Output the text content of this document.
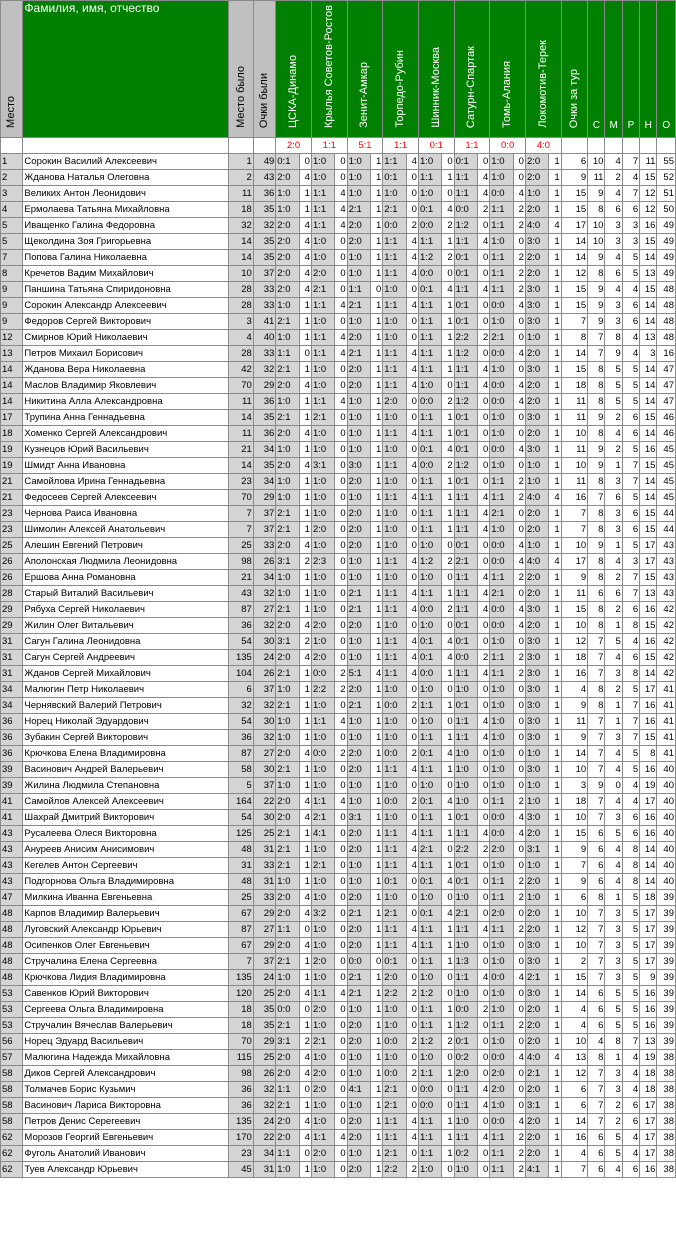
Место	Фамилия, имя, отчество	Место было	Очки были	ЦСКА-Динамо		Крылья Советов-Ростов		Зенит-Амкар		Торпедо-Рубин		Шинник-Москва		Сатурн-Спартак		Томь-Алания		Локомотив-Терек		Очки за тур	С	М	Р	Н	О
				2:0		1:1		5:1		1:1		0:1		1:1		0:0		4:0							
1	Сорокин Василий Алексеевич	1	49	0:1	0	1:0	0	1:0	1	1:1	4	1:0	0	0:1	0	1:0	0	2:0	1	6	10	4	7	11	55
2	Жданова Наталья Олеговна	2	43	2:0	4	1:0	0	1:0	1	0:1	0	1:1	1	1:1	4	1:0	0	2:0	1	9	11	2	4	15	52
3	Великих Антон Леонидович	11	36	1:0	1	1:1	4	1:0	1	1:0	0	1:0	0	1:1	4	0:0	4	1:0	1	15	9	4	7	12	51
4	Ермолаева Татьяна Михайловна	18	35	1:0	1	1:1	4	2:1	1	2:1	0	0:1	4	0:0	2	1:1	2	2:0	1	15	8	6	6	12	50
5	Иващенко Галина Федоровна	32	32	2:0	4	1:1	4	2:0	1	0:0	2	0:0	2	1:2	0	1:1	2	4:0	4	17	10	3	3	16	49
5	Щеколдина Зоя Григорьевна	14	35	2:0	4	1:0	0	2:0	1	1:1	4	1:1	1	1:1	4	1:0	0	3:0	1	14	10	3	3	15	49
7	Попова Галина Николаевна	14	35	2:0	4	1:0	0	1:0	1	1:1	4	1:2	2	0:1	0	1:1	2	2:0	1	14	9	4	5	14	49
8	Кречетов Вадим Михайлович	10	37	2:0	4	2:0	0	1:0	1	1:1	4	0:0	0	0:1	0	1:1	2	2:0	1	12	8	6	5	13	49
9	Паншина Татьяна Спиридоновна	28	33	2:0	4	2:1	0	1:1	0	1:0	0	0:1	4	1:1	4	1:1	2	3:0	1	15	9	4	4	15	48
9	Сорокин Александр Алексеевич	28	33	1:0	1	1:1	4	2:1	1	1:1	4	1:1	1	0:1	0	0:0	4	3:0	1	15	9	3	6	14	48
9	Федоров Сергей Викторович	3	41	2:1	1	1:0	0	1:0	1	1:0	0	1:1	1	0:1	0	1:0	0	3:0	1	7	9	3	6	14	48
12	Смирнов Юрий Николаевич	4	40	1:0	1	1:1	4	2:0	1	1:0	0	1:1	1	2:2	2	2:1	0	1:0	1	8	7	8	4	13	48
13	Петров Михаил Борисович	28	33	1:1	0	1:1	4	2:1	1	1:1	4	1:1	1	1:2	0	0:0	4	2:0	1	14	7	9	4	3	16
14	Жданова Вера Николаевна	42	32	2:1	1	1:0	0	2:0	1	1:1	4	1:1	1	1:1	4	1:0	0	3:0	1	15	8	5	5	14	47
14	Маслов Владимир Яковлевич	70	29	2:0	4	1:0	0	2:0	1	1:1	4	1:0	0	1:1	4	0:0	4	2:0	1	18	8	5	5	14	47
14	Никитина Алла Александровна	11	36	1:0	1	1:1	4	1:0	1	2:0	0	0:0	2	1:2	0	0:0	4	2:0	1	11	8	5	5	14	47
17	Трупина Анна Геннадьевна	14	35	2:1	1	2:1	0	1:0	1	1:0	0	1:1	1	0:1	0	1:0	0	3:0	1	11	9	2	6	15	46
18	Хоменко Сергей Александрович	11	36	2:0	4	1:0	0	1:0	1	1:1	4	1:1	1	0:1	0	1:0	0	2:0	1	10	8	4	6	14	46
19	Кузнецов Юрий Васильевич	21	34	1:0	1	1:0	0	1:0	1	1:0	0	0:1	4	0:1	0	0:0	4	3:0	1	11	9	2	5	16	45
19	Шмидт Анна Ивановна	14	35	2:0	4	3:1	0	3:0	1	1:1	4	0:0	2	1:2	0	1:0	0	1:0	1	10	9	1	7	15	45
21	Самойлова Ирина Геннадьевна	23	34	1:0	1	1:0	0	2:0	1	1:0	0	1:1	1	0:1	0	1:1	2	1:0	1	11	8	3	7	14	45
21	Федосеев Сергей Алексеевич	70	29	1:0	1	1:0	0	1:0	1	1:1	4	1:1	1	1:1	4	1:1	2	4:0	4	16	7	6	5	14	45
23	Чернова Раиса Ивановна	7	37	2:1	1	1:0	0	2:0	1	1:0	0	1:1	1	1:1	4	2:1	0	2:0	1	7	8	3	6	15	44
23	Шимолин Алексей Анатольевич	7	37	2:1	1	2:0	0	2:0	1	1:0	0	1:1	1	1:1	4	1:0	0	2:0	1	7	8	3	6	15	44
25	Алешин Евгений Петрович	25	33	2:0	4	1:0	0	2:0	1	1:0	0	1:0	0	0:1	0	0:0	4	1:0	1	10	9	1	5	17	43
26	Аполонская Людмила Леонидовна	98	26	3:1	2	2:3	0	1:0	1	1:1	4	1:2	2	2:1	0	0:0	4	4:0	4	17	8	4	3	17	43
26	Ершова Анна Романовна	21	34	1:0	1	1:0	0	1:0	1	1:0	0	1:0	0	1:1	4	1:1	2	2:0	1	9	8	2	7	15	43
28	Старый Виталий Васильевич	43	32	1:0	1	1:0	0	2:1	1	1:1	4	1:1	1	1:1	4	2:1	0	2:0	1	11	6	6	7	13	43
29	Рябуха Сергей Николаевич	87	27	2:1	1	1:0	0	2:1	1	1:1	4	0:0	2	1:1	4	0:0	4	3:0	1	15	8	2	6	16	42
29	Жилин Олег Витальевич	36	32	2:0	4	2:0	0	2:0	1	1:0	0	1:0	0	0:1	0	0:0	4	2:0	1	10	8	1	8	15	42
31	Сагун Галина Леонидовна	54	30	3:1	2	1:0	0	1:0	1	1:1	4	0:1	4	0:1	0	1:0	0	3:0	1	12	7	5	4	16	42
31	Сагун Сергей Андреевич	135	24	2:0	4	2:0	0	1:0	1	1:1	4	0:1	4	0:0	2	1:1	2	3:0	1	18	7	4	6	15	42
31	Жданов Сергей Михайлович	104	26	2:1	1	0:0	2	5:1	4	1:1	4	0:0	1	1:1	4	1:1	2	3:0	1	16	7	3	8	14	42
34	Малюгин Петр Николаевич	6	37	1:0	1	2:2	2	2:0	1	1:0	0	1:0	0	1:0	0	1:0	0	3:0	1	4	8	2	5	17	41
34	Чернявский Валерий Петрович	32	32	2:1	1	1:0	0	2:1	1	0:0	2	1:1	1	0:1	0	1:0	0	3:0	1	9	8	1	7	16	41
36	Норец Николай Эдуардович	54	30	1:0	1	1:1	4	1:0	1	1:0	0	1:0	0	1:1	4	1:0	0	3:0	1	11	7	1	7	16	41
36	Зубакин Сергей Викторович	36	32	1:0	1	1:0	0	1:0	1	1:0	0	1:1	1	1:1	4	1:0	0	3:0	1	9	7	3	7	15	41
36	Крючкова Елена Владимировна	87	27	2:0	4	0:0	2	2:0	1	0:0	2	0:1	4	1:0	0	1:0	0	1:0	1	14	7	4	5	8	41
39	Васинович Андрей Валерьевич	58	30	2:1	1	1:0	0	2:0	1	1:1	4	1:1	1	1:0	0	1:0	0	3:0	1	10	7	4	5	16	40
39	Жилина Людмила Степановна	5	37	1:0	1	1:0	0	1:0	1	1:0	0	1:0	0	1:0	0	1:0	0	1:0	1	3	9	0	4	19	40
41	Самойлов Алексей Алексеевич	164	22	2:0	4	1:1	4	1:0	1	0:0	2	0:1	4	1:0	0	1:1	2	1:0	1	18	7	4	4	17	40
41	Шахрай Дмитрий Викторович	54	30	2:0	4	2:1	0	3:1	1	1:0	0	1:1	1	0:1	0	0:0	4	3:0	1	10	7	3	6	16	40
43	Русалеева Олеся Викторовна	125	25	2:1	1	4:1	0	2:0	1	1:1	4	1:1	1	1:1	4	0:0	4	2:0	1	15	6	5	6	16	40
43	Ануреев Анисим Анисимович	48	31	2:1	1	1:0	0	2:0	1	1:1	4	2:1	0	2:2	2	2:0	0	3:1	1	9	6	4	8	14	40
43	Кегелев Антон Сергеевич	31	33	2:1	1	2:1	0	1:0	1	1:1	4	1:1	1	0:1	0	1:0	0	1:0	1	7	6	4	8	14	40
43	Подгорнова Ольга Владимировна	48	31	1:0	1	1:0	0	1:0	1	0:1	0	0:1	4	0:1	0	1:1	2	2:0	1	9	6	4	8	14	40
47	Милкина Иванна Евгеньевна	25	33	2:0	4	1:0	0	2:0	1	1:0	0	1:0	0	1:0	0	1:1	2	1:0	1	6	8	1	5	18	39
48	Карпов Владимир Валерьевич	67	29	2:0	4	3:2	0	2:1	1	2:1	0	0:1	4	2:1	0	2:0	0	2:0	1	10	7	3	5	17	39
48	Луговский Александр Юрьевич	87	27	1:1	0	1:0	0	2:0	1	1:1	4	1:1	1	1:1	4	1:1	2	2:0	1	12	7	3	5	17	39
48	Осипенков Олег Евгеньевич	67	29	2:0	4	1:0	0	2:0	1	1:1	4	1:1	1	1:0	0	1:0	0	3:0	1	10	7	3	5	17	39
48	Стручалина Елена Сергеевна	7	37	2:1	1	2:0	0	0:0	0	0:1	0	1:1	1	1:3	0	1:0	0	3:0	1	2	7	3	5	17	39
48	Крючкова Лидия Владимировна	135	24	1:0	1	1:0	0	2:1	1	2:0	0	1:0	0	1:1	4	0:0	4	2:1	1	15	7	3	5	9	39
53	Савенков Юрий Викторович	120	25	2:0	4	1:1	4	2:1	1	2:2	2	1:2	0	1:0	0	1:0	0	3:0	1	14	6	5	5	16	39
53	Сергеева Ольга Владимировна	18	35	0:0	0	2:0	0	1:0	1	1:0	0	1:1	1	0:0	2	1:0	0	2:0	1	4	6	5	5	16	39
53	Стручалин Вячеслав Валерьевич	18	35	2:1	1	1:0	0	2:0	1	1:0	0	1:1	1	1:2	0	1:1	2	2:0	1	4	6	5	5	16	39
56	Норец Эдуард Васильевич	70	29	3:1	2	2:1	0	2:0	1	0:0	2	1:2	2	0:1	0	1:0	0	2:0	1	10	4	8	7	13	39
57	Малюгина Надежда Михайловна	115	25	2:0	4	1:0	0	1:0	1	1:0	0	1:0	0	0:2	0	0:0	4	4:0	4	13	8	1	4	19	38
58	Диков Сергей Александрович	98	26	2:0	4	2:0	0	1:0	1	0:0	2	1:1	1	2:0	0	2:0	0	2:1	1	12	7	3	4	18	38
58	Толмачев Борис Кузьмич	36	32	1:1	0	2:0	0	4:1	1	2:1	0	0:0	0	1:1	4	2:0	0	2:0	1	6	7	3	4	18	38
58	Васинович Лариса Викторовна	36	32	2:1	1	1:0	0	1:0	1	2:1	0	0:0	0	1:1	4	1:0	0	3:1	1	6	7	2	6	17	38
58	Петров Денис Серегеевич	135	24	2:0	4	1:0	0	2:0	1	1:1	4	1:1	1	1:0	0	0:0	4	2:0	1	14	7	2	6	17	38
62	Морозов Георгий Евгеньевич	170	22	2:0	4	1:1	4	2:0	1	1:1	4	1:1	1	1:1	4	1:1	2	2:0	1	16	6	5	4	17	38
62	Фуголь Анатолий Иванович	23	34	1:1	0	2:0	0	1:0	1	2:1	0	1:1	1	0:2	0	1:1	2	2:0	1	4	6	5	4	17	38
62	Туев Александр Юрьевич	45	31	1:0	1	1:0	0	2:0	1	2:2	2	1:0	0	1:0	0	1:1	2	4:1	1	7	6	4	6	16	38
